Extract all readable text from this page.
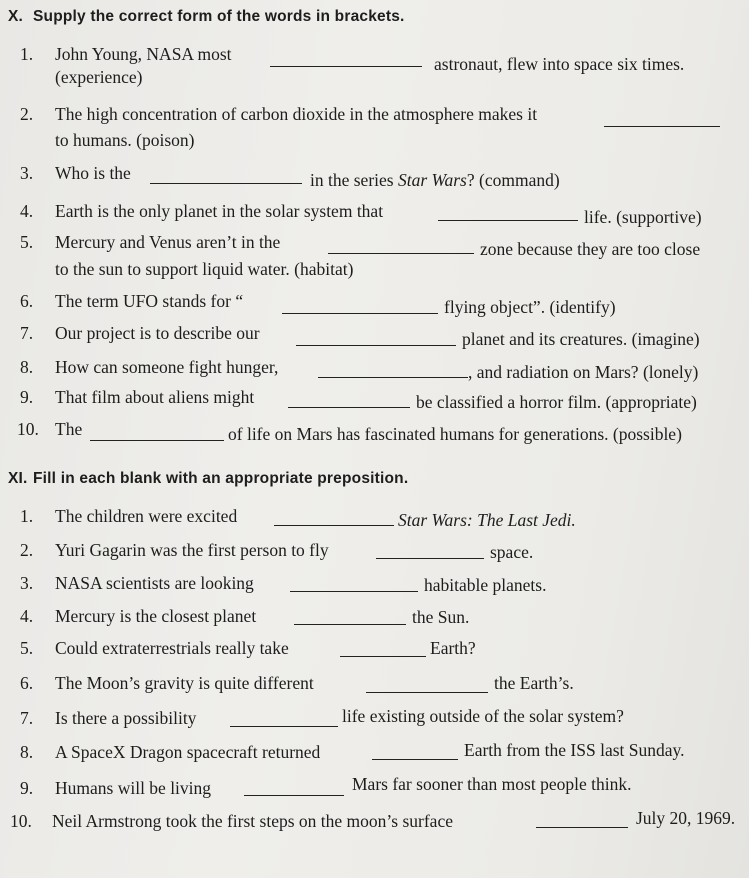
X. Supply the correct form of the words in brackets.
1. John Young, NASA most	astronaut, flew into space six times.
(experience)
2. The high concentration of carbon dioxide in the atmosphere makes it
to humans. (poison)
3. Who is the	in the series Star Wars? (command)
4. Earth is the only planet in the solar system that	life. (supportive)
5. Mercury and Venus aren’t in the	zone because they are too close
to the sun to support liquid water. (habitat)
6. The term UFO stands for “	flying object”. (identify)
7. Our project is to describe our	planet and its creatures. (imagine)
8. How can someone fight hunger,	, and radiation on Mars? (lonely)
9. That film about aliens might	be classified a horror film. (appropriate)
10. The	of life on Mars has fascinated humans for generations. (possible)
XI. Fill in each blank with an appropriate preposition.
1. The children were excited	Star Wars: The Last Jedi.
2. Yuri Gagarin was the first person to fly	space.
3. NASA scientists are looking	habitable planets.
4. Mercury is the closest planet	the Sun.
5. Could extraterrestrials really take	Earth?
6. The Moon’s gravity is quite different	the Earth’s.
7. Is there a possibility	life existing outside of the solar system?
8. A SpaceX Dragon spacecraft returned	Earth from the ISS last Sunday.
9. Humans will be living	Mars far sooner than most people think.
10. Neil Armstrong took the first steps on the moon’s surface	July 20, 1969.
